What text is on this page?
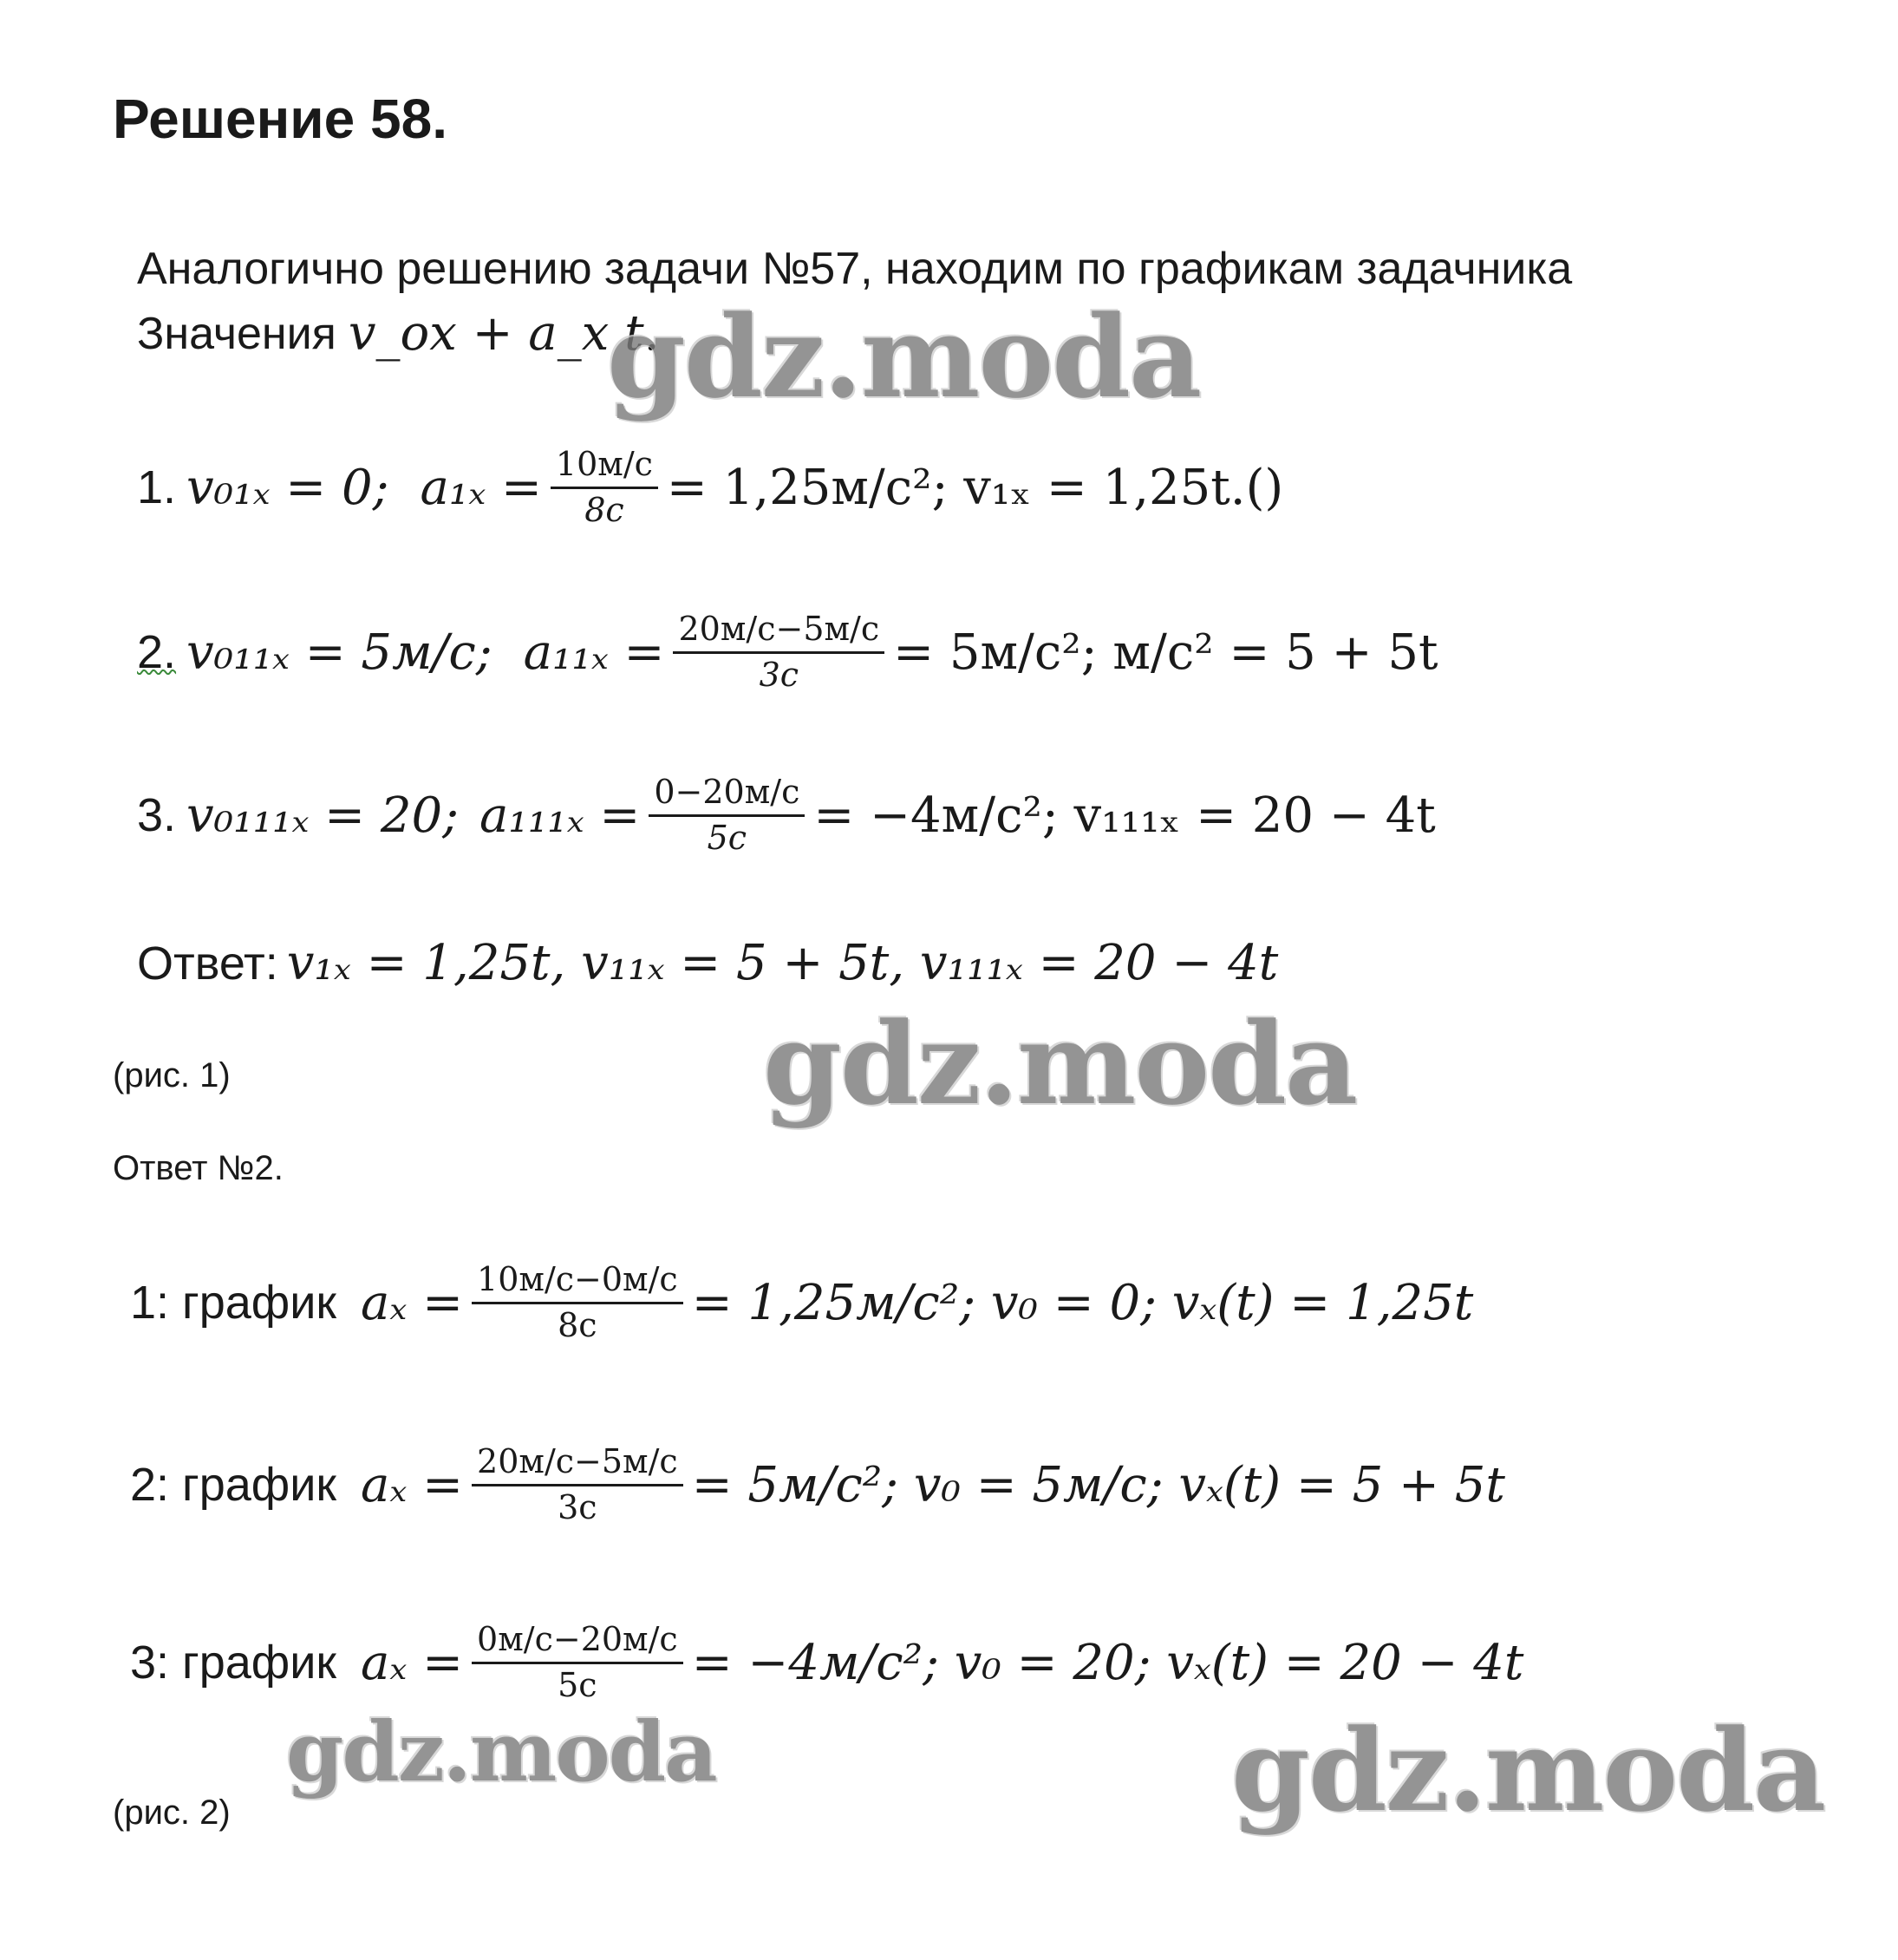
Решение 58.
Аналогично решению задачи №57, находим по графикам задачника
Значения v_ox + a_x t.
1. v₀₁ₓ = 0; $a_{1x} = \frac{10м/с}{8с} = 1,25м/с^2$; v₁ₓ = 1,25t.()
2. v₀₁₁ₓ = 5м/с; $a_{11x} = \frac{20м/с-5м/с}{3с} = 5м/с^2$; м/с² = 5 + 5t
3. v₀₁₁₁ₓ = 20; $a_{111x} = \frac{0-20м/с}{5с} = -4м/с^2$; v₁₁₁ₓ = 20 − 4t
Ответ: v₁ₓ = 1,25t, v₁₁ₓ = 5 + 5t, v₁₁₁ₓ = 20 − 4t
(рис. 1)
Ответ №2.
1: график $a_x = \frac{10м/с-0м/с}{8с} = 1,25м/с^2$; v₀ = 0; vₓ(t) = 1,25t
2: график $a_x = \frac{20м/с-5м/с}{3с} = 5м/с^2$; v₀ = 5м/с; vₓ(t) = 5 + 5t
3: график $a_x = \frac{0м/с-20м/с}{5с} = -4м/с^2$; v₀ = 20; vₓ(t) = 20 − 4t
(рис. 2)
gdz.moda
gdz.moda
gdz.moda	gdz.moda
